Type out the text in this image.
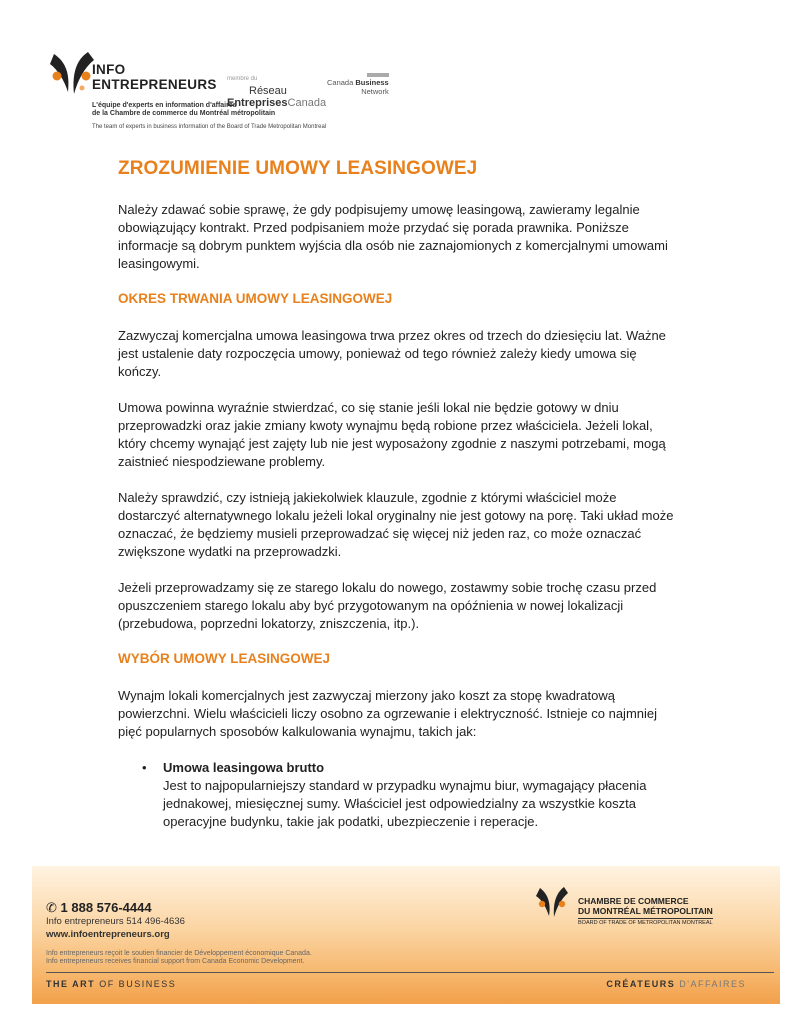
INFO
ENTREPRENEURS membre du
Réseau
EntreprisesCanada
Canada Business
Network
L'équipe d'experts en information d'affaires
de la Chambre de commerce du Montréal métropolitain
The team of experts in business information of the Board of Trade Metropolitan Montreal
ZROZUMIENIE UMOWY LEASINGOWEJ

Należy zdawać sobie sprawę, że gdy podpisujemy umowę leasingową, zawieramy legalnie obowiązujący kontrakt. Przed podpisaniem może przydać się porada prawnika. Poniższe informacje są dobrym punktem wyjścia dla osób nie zaznajomionych z komercjalnymi umowami leasingowymi.

OKRES TRWANIA UMOWY LEASINGOWEJ

Zazwyczaj komercjalna umowa leasingowa trwa przez okres od trzech do dziesięciu lat. Ważne jest ustalenie daty rozpoczęcia umowy, ponieważ od tego również zależy kiedy umowa się kończy.

Umowa powinna wyraźnie stwierdzać, co się stanie jeśli lokal nie będzie gotowy w dniu przeprowadzki oraz jakie zmiany kwoty wynajmu będą robione przez właściciela. Jeżeli lokal, który chcemy wynająć jest zajęty lub nie jest wyposażony zgodnie z naszymi potrzebami, mogą zaistnieć niespodziewane problemy.

Należy sprawdzić, czy istnieją jakiekolwiek klauzule, zgodnie z którymi właściciel może dostarczyć alternatywnego lokalu jeżeli lokal oryginalny nie jest gotowy na porę. Taki układ może oznaczać, że będziemy musieli przeprowadzać się więcej niż jeden raz, co może oznaczać zwiększone wydatki na przeprowadzki.

Jeżeli przeprowadzamy się ze starego lokalu do nowego, zostawmy sobie trochę czasu przed opuszczeniem starego lokalu aby być przygotowanym na opóźnienia w nowej lokalizacji (przebudowa, poprzedni lokatorzy, zniszczenia, itp.).

WYBÓR UMOWY LEASINGOWEJ

Wynajm lokali komercjalnych jest zazwyczaj mierzony jako koszt za stopę kwadratową powierzchni. Wielu właścicieli liczy osobno za ogrzewanie i elektryczność. Istnieje co najmniej pięć popularnych sposobów kalkulowania wynajmu, takich jak:

• Umowa leasingowa brutto
Jest to najpopularniejszy standard w przypadku wynajmu biur, wymagający płacenia jednakowej, miesięcznej sumy. Właściciel jest odpowiedzialny za wszystkie koszta operacyjne budynku, takie jak podatki, ubezpieczenie i reperacje.
✆ 1 888 576-4444
Info entrepreneurs 514 496-4636
www.infoentrepreneurs.org
Info entrepreneurs reçoit le soutien financier de Développement économique Canada.
Info entrepreneurs receives financial support from Canada Economic Development.
CHAMBRE DE COMMERCE
DU MONTRÉAL MÉTROPOLITAIN
BOARD OF TRADE OF METROPOLITAN MONTREAL
THE ART OF BUSINESS	CRÉATEURS D'AFFAIRES
